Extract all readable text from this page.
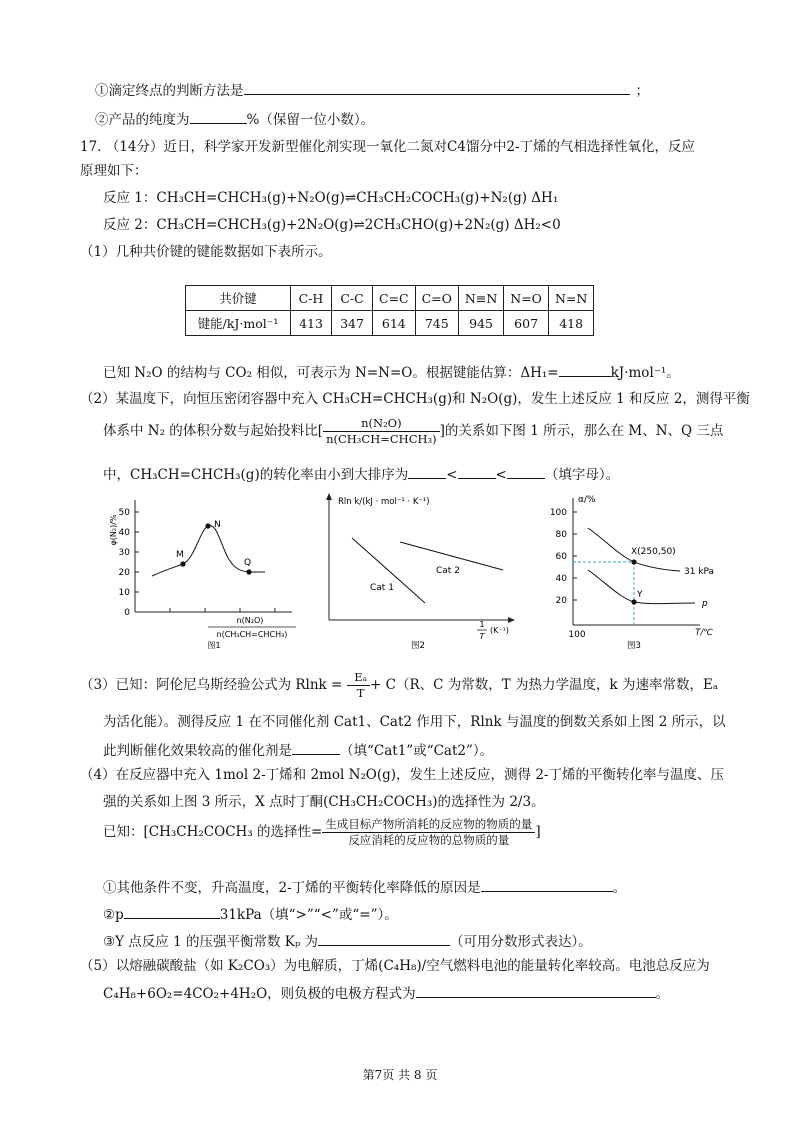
①滴定终点的判断方法是	；
②产品的纯度为	%（保留一位小数）。
17. （14分）近日，科学家开发新型催化剂实现一氧化二氮对C4馏分中2-丁烯的气相选择性氧化，反应
原理如下：
反应 1：CH₃CH=CHCH₃(g)+N₂O(g)⇌CH₃CH₂COCH₃(g)+N₂(g) ΔH₁
反应 2：CH₃CH=CHCH₃(g)+2N₂O(g)⇌2CH₃CHO(g)+2N₂(g) ΔH₂<0
（1）几种共价键的键能数据如下表所示。
共价键	C-H	C-C	C=C	C=O	N≡N	N=O	N=N
键能/kJ·mol⁻¹	413	347	614	745	945	607	418
已知 N₂O 的结构与 CO₂ 相似，可表示为 N=N=O。根据键能估算：ΔH₁=	kJ·mol⁻¹。
（2）某温度下，向恒压密闭容器中充入 CH₃CH=CHCH₃(g)和 N₂O(g)，发生上述反应 1 和反应 2，测得平衡
体系中 N₂ 的体积分数与起始投料比[ $\frac{\text{n(N₂O)}}{\text{n(CH₃CH=CHCH₃)}}$ ]的关系如下图 1 所示，那么在 M、N、Q 三点
中，CH₃CH=CHCH₃(g)的转化率由小到大排序为	<	<	（填字母）。
φ(N₂)/%
0
10
20
30
40
50
M
N
Q
n(N₂O)
n(CH₃CH=CHCH₃)
图1
Rln k/(kJ · mol⁻¹ · K⁻¹)
Cat 1
Cat 2
1
T
(K⁻¹)
图2
α/%
20
40
60
80
100
100
X(250,50)
Y
31 kPa
p
T/℃
图3
（3）已知：阿伦尼乌斯经验公式为 Rlnk = - $\frac{\text{Eₐ}}{T} + C(R$、C 为常数，T 为热力学温度，k 为速率常数，Eₐ
为活化能）。测得反应 1 在不同催化剂 Cat1、Cat2 作用下，Rlnk 与温度的倒数关系如上图 2 所示，以
此判断催化效果较高的催化剂是	（填“Cat1”或“Cat2”）。
（4）在反应器中充入 1mol 2-丁烯和 2mol N₂O(g)，发生上述反应，测得 2-丁烯的平衡转化率与温度、压
强的关系如上图 3 所示，X 点时丁酮(CH₃CH₂COCH₃)的选择性为 2/3。
已知：[CH₃CH₂COCH₃ 的选择性= $\frac{\text{生成目标产物所消耗的反应物的物质的量}}{\text{反应消耗的反应物的总物质的量}}$ ]
①其他条件不变，升高温度，2-丁烯的平衡转化率降低的原因是	。
②p	31kPa（填“>”“<”或“=”）。
③Y 点反应 1 的压强平衡常数 Kₚ 为	（可用分数形式表达）。
（5）以熔融碳酸盐（如 K₂CO₃）为电解质，丁烯(C₄H₈)/空气燃料电池的能量转化率较高。电池总反应为
C₄H₈+6O₂=4CO₂+4H₂O，则负极的电极方程式为	。
第7页 共 8 页
